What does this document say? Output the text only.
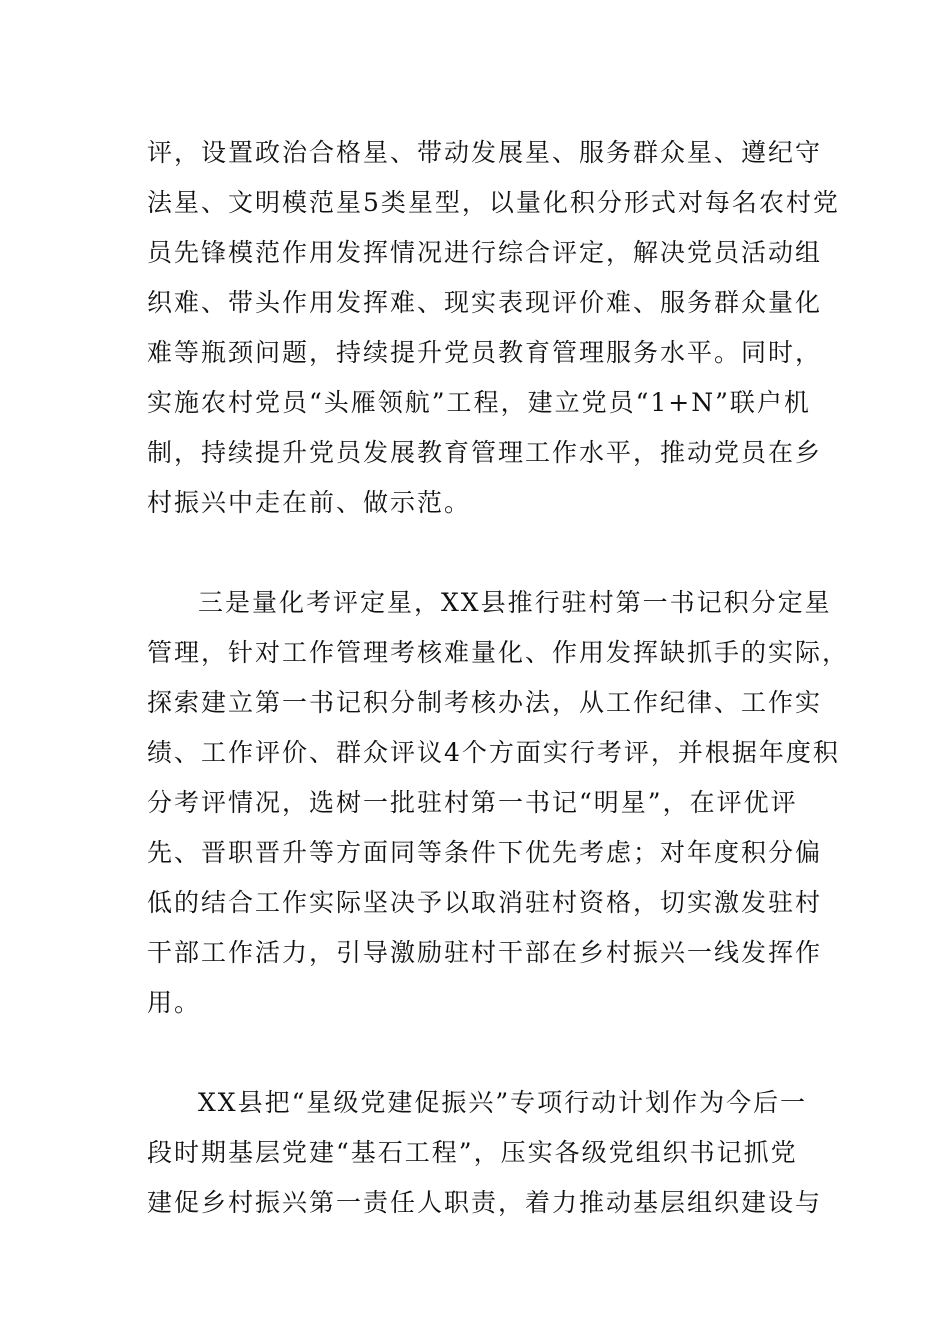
评，设置政治合格星、带动发展星、服务群众星、遵纪守

法星、文明模范星5类星型，以量化积分形式对每名农村党

员先锋模范作用发挥情况进行综合评定，解决党员活动组

织难、带头作用发挥难、现实表现评价难、服务群众量化

难等瓶颈问题，持续提升党员教育管理服务水平。同时，

实施农村党员“头雁领航”工程，建立党员“1+N”联户机

制，持续提升党员发展教育管理工作水平，推动党员在乡

村振兴中走在前、做示范。

三是量化考评定星，XX县推行驻村第一书记积分定星

管理，针对工作管理考核难量化、作用发挥缺抓手的实际，

探索建立第一书记积分制考核办法，从工作纪律、工作实

绩、工作评价、群众评议4个方面实行考评，并根据年度积

分考评情况，选树一批驻村第一书记“明星”，在评优评

先、晋职晋升等方面同等条件下优先考虑；对年度积分偏

低的结合工作实际坚决予以取消驻村资格，切实激发驻村

干部工作活力，引导激励驻村干部在乡村振兴一线发挥作

用。

XX县把“星级党建促振兴”专项行动计划作为今后一

段时期基层党建“基石工程”，压实各级党组织书记抓党

建促乡村振兴第一责任人职责，着力推动基层组织建设与
